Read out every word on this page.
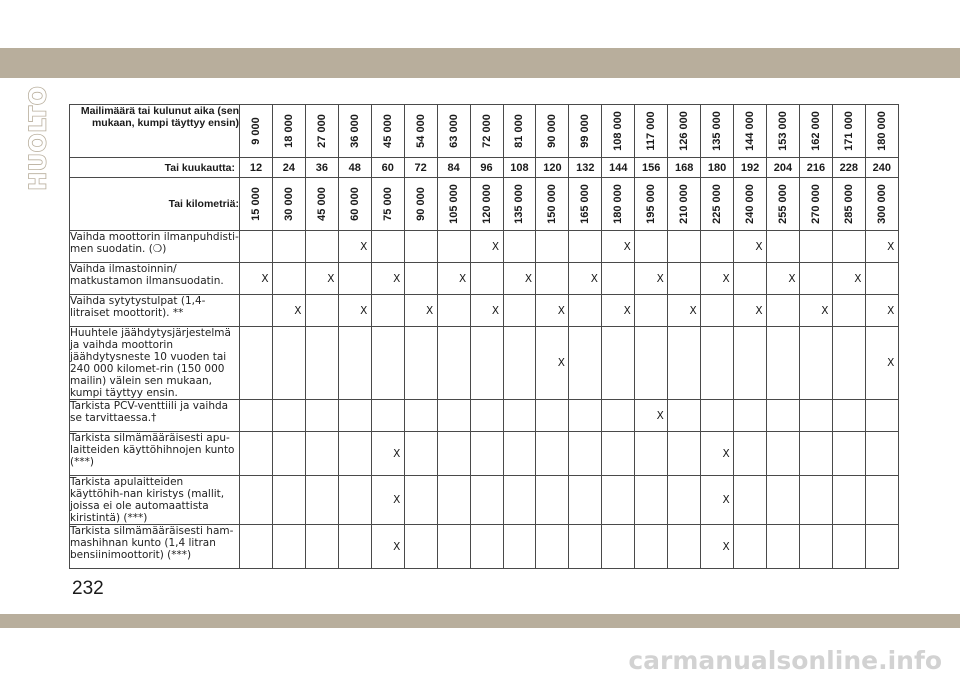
HUOLTO	Mailimäärä tai kulunut aika (sen mukaan, kumpi täyttyy ensin)	9 000	18 000	27 000	36 000	45 000	54 000	63 000	72 000	81 000	90 000	99 000	108 000	117 000	126 000	135 000	144 000	153 000	162 000	171 000	180 000

Tai kuukautta:	12	24	36	48	60	72	84	96	108	120	132	144	156	168	180	192	204	216	228	240
Tai kilometriä:	15 000	30 000	45 000	60 000	75 000	90 000	105 000	120 000	135 000	150 000	165 000	180 000	195 000	210 000	225 000	240 000	255 000	270 000	285 000	300 000

Vaihda moottorin ilmanpuhdisti-men suodatin. (❍)				X				X				X				X				X
Vaihda ilmastoinnin/ matkustamon ilmansuodatin.	X		X		X		X		X		X		X		X		X		X	
Vaihda sytytystulpat (1,4-litraiset moottorit). **		X		X		X		X		X		X		X		X		X		X
Huuhtele jäähdytysjärjestelmä ja vaihda moottorin jäähdytysneste 10 vuoden tai 240 000 kilomet-rin (150 000 mailin) välein sen mukaan, kumpi täyttyy ensin.										X										X
Tarkista PCV-venttiili ja vaihda se tarvittaessa.†													X							
Tarkista silmämääräisesti apu-laitteiden käyttöhihnojen kunto (***)					X										X					
Tarkista apulaitteiden käyttöhih-nan kiristys (mallit, joissa ei ole automaattista kiristintä) (***)					X										X					
Tarkista silmämääräisesti ham-mashihnan kunto (1,4 litran bensiinimoottorit) (***)					X										X					
232
carmanualsonline.info
